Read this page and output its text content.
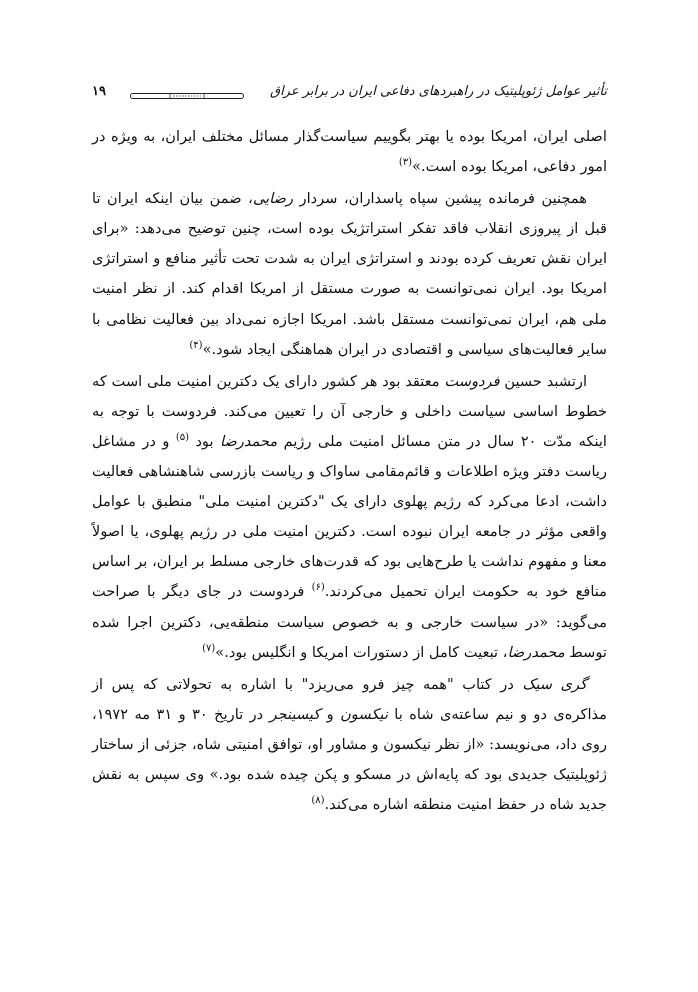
تأثیر عوامل ژئوپلیتیک در راهبردهای دفاعی ایران در برابر عراق
۱۹

اصلی ایران، امریکا بوده یا بهتر بگوییم سیاست‌گذار مسائل مختلف ایران، به ویژه در امور دفاعی، امریکا بوده است.»$^{(۳)}$

همچنین فرمانده پیشین سپاه پاسداران، سردار رضایی، ضمن بیان اینکه ایران تا قبل از پیروزی انقلاب فاقد تفکر استراتژیک بوده است، چنین توضیح می‌دهد: «برای ایران نقش تعریف کرده بودند و استراتژی ایران به شدت تحت تأثیر منافع و استراتژی امریکا بود. ایران نمی‌توانست به صورت مستقل از امریکا اقدام کند. از نظر امنیت ملی هم، ایران نمی‌توانست مستقل باشد. امریکا اجازه نمی‌داد بین فعالیت نظامی با سایر فعالیت‌های سیاسی و اقتصادی در ایران هماهنگی ایجاد شود.»$^{(۴)}$

ارتشبد حسین فردوست معتقد بود هر کشور دارای یک دکترین امنیت ملی است که خطوط اساسی سیاست داخلی و خارجی آن را تعیین می‌کند. فردوست با توجه به اینکه مدّت ۲۰ سال در متن مسائل امنیت ملی رژیم محمدرضا بود $^{(۵)}$ و در مشاغل ریاست دفتر ویژه اطلاعات و قائم‌مقامی ساواک و ریاست بازرسی شاهنشاهی فعالیت داشت، ادعا می‌کرد که رژیم پهلوی دارای یک "دکترین امنیت ملی" منطبق با عوامل واقعی مؤثر در جامعه ایران نبوده است. دکترین امنیت ملی در رژیم پهلوی، یا اصولاً معنا و مفهوم نداشت یا طرح‌هایی بود که قدرت‌های خارجی مسلط بر ایران، بر اساس منافع خود به حکومت ایران تحمیل می‌کردند.$^{(۶)}$ فردوست در جای دیگر با صراحت می‌گوید: «در سیاست خارجی و به خصوص سیاست منطقه‌یی، دکترین اجرا شده توسط محمدرضا، تبعیت کامل از دستورات امریکا و انگلیس بود.»$^{(۷)}$

گری سیک در کتاب "همه چیز فرو می‌ریزد" با اشاره به تحولاتی که پس از مذاکره‌ی دو و نیم ساعته‌ی شاه با نیکسون و کیسینجر در تاریخ ۳۰ و ۳۱ مه ۱۹۷۲، روی داد، می‌نویسد: «از نظر نیکسون و مشاور او، توافق امنیتی شاه، جزئی از ساختار ژئوپلیتیک جدیدی بود که پایه‌اش در مسکو و پکن چیده شده بود.» وی سپس به نقش جدید شاه در حفظ امنیت منطقه اشاره می‌کند.$^{(۸)}$
